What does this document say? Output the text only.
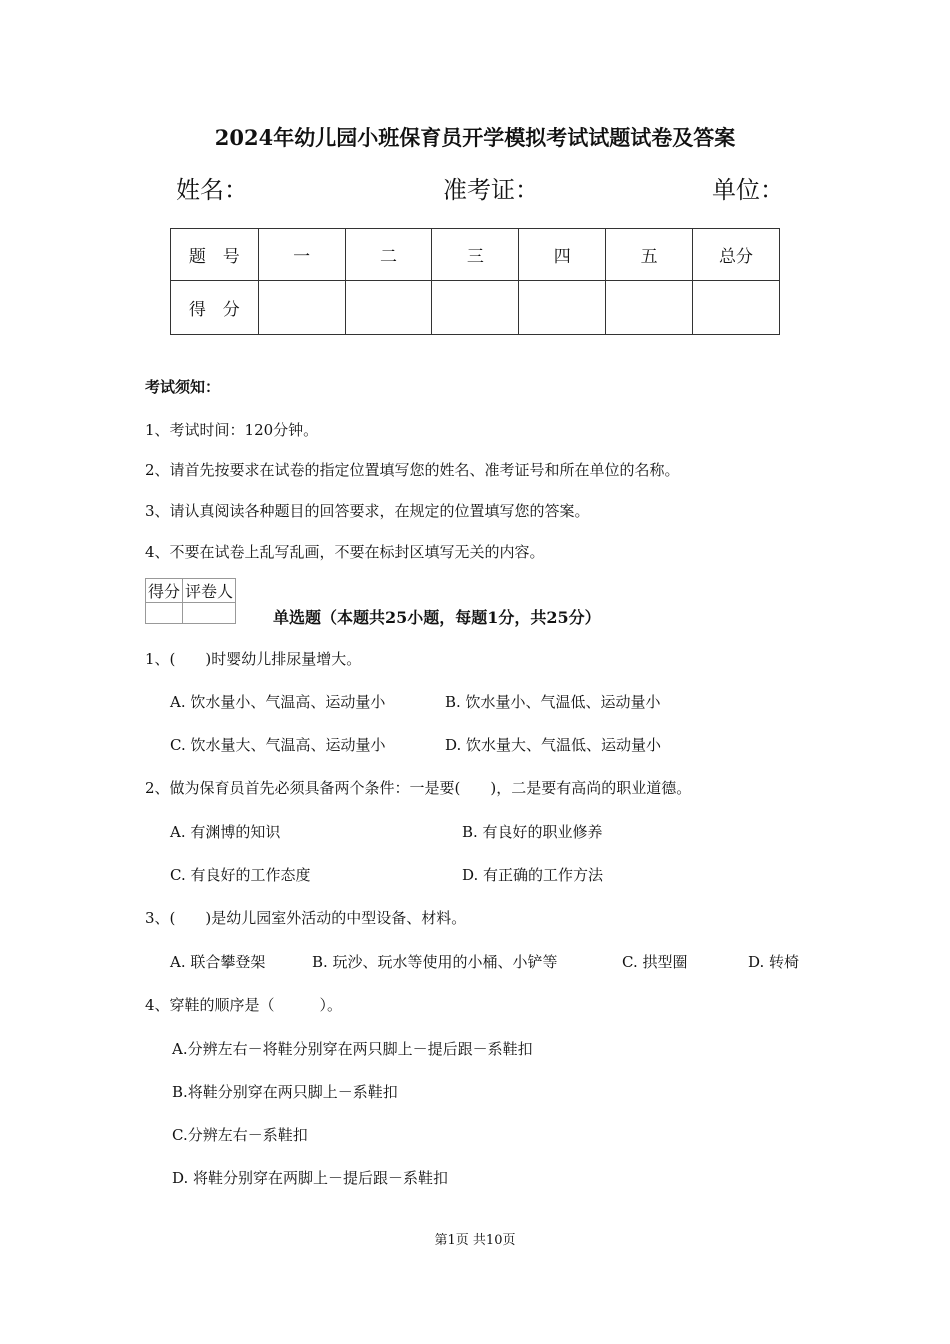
2024年幼儿园小班保育员开学模拟考试试题试卷及答案
姓名：	准考证：	单位：
题　号	一	二	三	四	五	总分
得　分						
考试须知：
1、考试时间：120分钟。
2、请首先按要求在试卷的指定位置填写您的姓名、准考证号和所在单位的名称。
3、请认真阅读各种题目的回答要求，在规定的位置填写您的答案。
4、不要在试卷上乱写乱画，不要在标封区填写无关的内容。
得分	评卷人

单选题（本题共25小题，每题1分，共25分）
1、(　　)时婴幼儿排尿量增大。
A. 饮水量小、气温高、运动量小	B. 饮水量小、气温低、运动量小
C. 饮水量大、气温高、运动量小	D. 饮水量大、气温低、运动量小
2、做为保育员首先必须具备两个条件：一是要(　　)，二是要有高尚的职业道德。
A. 有渊博的知识	B. 有良好的职业修养
C. 有良好的工作态度	D. 有正确的工作方法
3、(　　)是幼儿园室外活动的中型设备、材料。
A. 联合攀登架	B. 玩沙、玩水等使用的小桶、小铲等	C. 拱型圈	D. 转椅
4、穿鞋的顺序是（　　　）。
A.分辨左右－将鞋分别穿在两只脚上－提后跟－系鞋扣
B.将鞋分别穿在两只脚上－系鞋扣
C.分辨左右－系鞋扣
D. 将鞋分别穿在两脚上－提后跟－系鞋扣
第1页 共10页
